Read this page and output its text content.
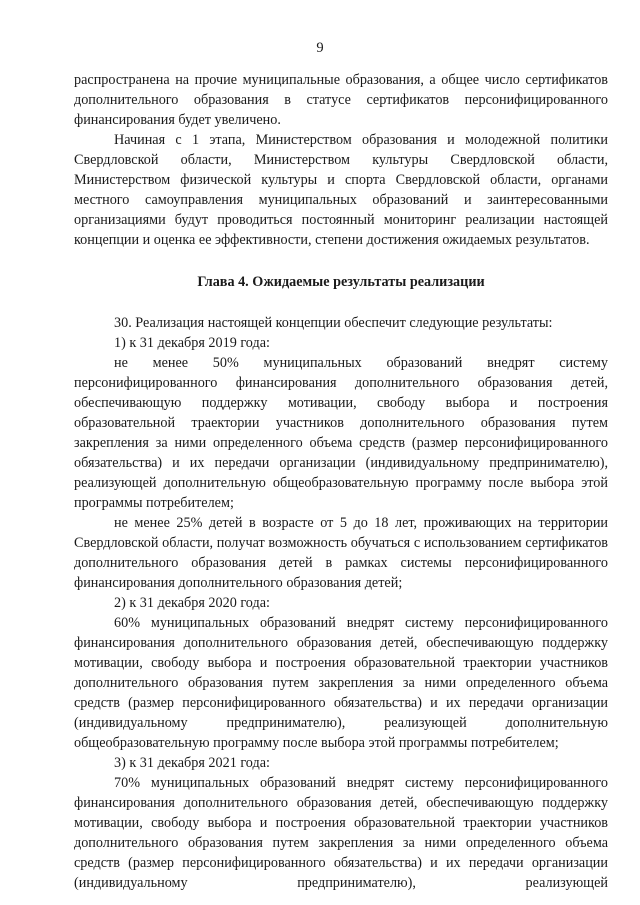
9

распространена на прочие муниципальные образования, а общее число сертификатов дополнительного образования в статусе сертификатов персонифицированного финансирования будет увеличено.

Начиная с 1 этапа, Министерством образования и молодежной политики Свердловской области, Министерством культуры Свердловской области, Министерством физической культуры и спорта Свердловской области, органами местного самоуправления муниципальных образований и заинтересованными организациями будут проводиться постоянный мониторинг реализации настоящей концепции и оценка ее эффективности, степени достижения ожидаемых результатов.

Глава 4. Ожидаемые результаты реализации

30. Реализация настоящей концепции обеспечит следующие результаты:

1) к 31 декабря 2019 года:

не менее 50% муниципальных образований внедрят систему персонифицированного финансирования дополнительного образования детей, обеспечивающую поддержку мотивации, свободу выбора и построения образовательной траектории участников дополнительного образования путем закрепления за ними определенного объема средств (размер персонифицированного обязательства) и их передачи организации (индивидуальному предпринимателю), реализующей дополнительную общеобразовательную программу после выбора этой программы потребителем;

не менее 25% детей в возрасте от 5 до 18 лет, проживающих на территории Свердловской области, получат возможность обучаться с использованием сертификатов дополнительного образования детей в рамках системы персонифицированного финансирования дополнительного образования детей;

2) к 31 декабря 2020 года:

60% муниципальных образований внедрят систему персонифицированного финансирования дополнительного образования детей, обеспечивающую поддержку мотивации, свободу выбора и построения образовательной траектории участников дополнительного образования путем закрепления за ними определенного объема средств (размер персонифицированного обязательства) и их передачи организации (индивидуальному предпринимателю), реализующей дополнительную общеобразовательную программу после выбора этой программы потребителем;

3) к 31 декабря 2021 года:

70% муниципальных образований внедрят систему персонифицированного финансирования дополнительного образования детей, обеспечивающую поддержку мотивации, свободу выбора и построения образовательной траектории участников дополнительного образования путем закрепления за ними определенного объема средств (размер персонифицированного обязательства) и их передачи организации (индивидуальному предпринимателю), реализующей
